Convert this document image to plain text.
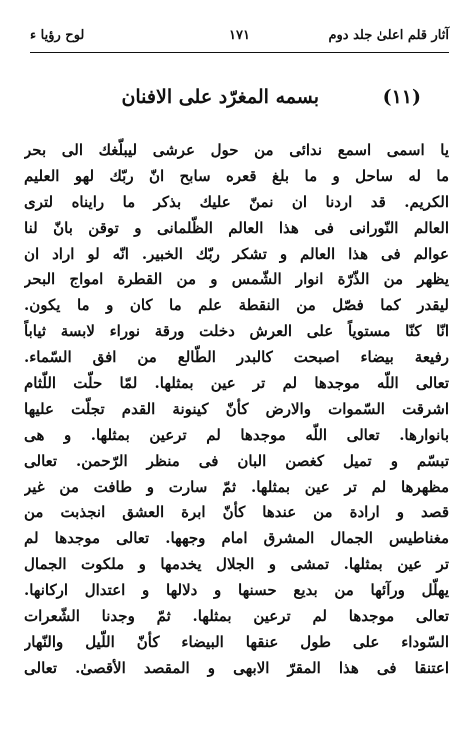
آثار قلم اعلیٰ جلد دوم
۱۷۱
لوح رؤيا ء
(۱۱)
بسمه المغرّد على الافنان
يا اسمى اسمع ندائى من حول عرشى ليبلّغك الى بحر
ما له ساحل و ما بلغ قعره سابح انّ ربّك لهو العليم
الكريم. قد اردنا ان نمنّ عليك بذكر ما رايناه لترى
العالم النّورانى فى هذا العالم الظّلمانى و توقن بانّ لنا
عوالم فى هذا العالم و تشكر ربّك الخبير. انّه لو اراد ان
يظهر من الذّرّة انوار الشّمس و من القطرة امواج البحر
ليقدر كما فصّل من النقطة علم ما كان و ما يكون.
انّا كنّا مستوياً على العرش دخلت ورقة نوراء لابسة ثياباً
رفيعة بيضاء اصبحت كالبدر الطّالع من افق السّماء.
تعالى اللّه موجدها لم تر عين بمثلها. لمّا حلّت اللّثام
اشرقت السّموات والارض كأنّ كينونة القدم تجلّت عليها
بانوارها. تعالى اللّه موجدها لم ترعين بمثلها. و هى
تبسّم و تميل كغصن البان فى منظر الرّحمن. تعالى
مظهرها لم تر عين بمثلها. ثمّ سارت و طافت من غير
قصد و ارادة من عندها كأنّ ابرة العشق انجذبت من
مغناطيس الجمال المشرق امام وجهها. تعالى موجدها لم
تر عين بمثلها. تمشى و الجلال يخدمها و ملكوت الجمال
يهلّل ورآئها من بديع حسنها و دلالها و اعتدال اركانها.
تعالى موجدها لم ترعين بمثلها. ثمّ وجدنا الشّعرات
السّوداء على طول عنقها البيضاء كأنّ اللّيل والنّهار
اعتنقا فى هذا المقرّ الابهى و المقصد الأقصىٰ. تعالى
